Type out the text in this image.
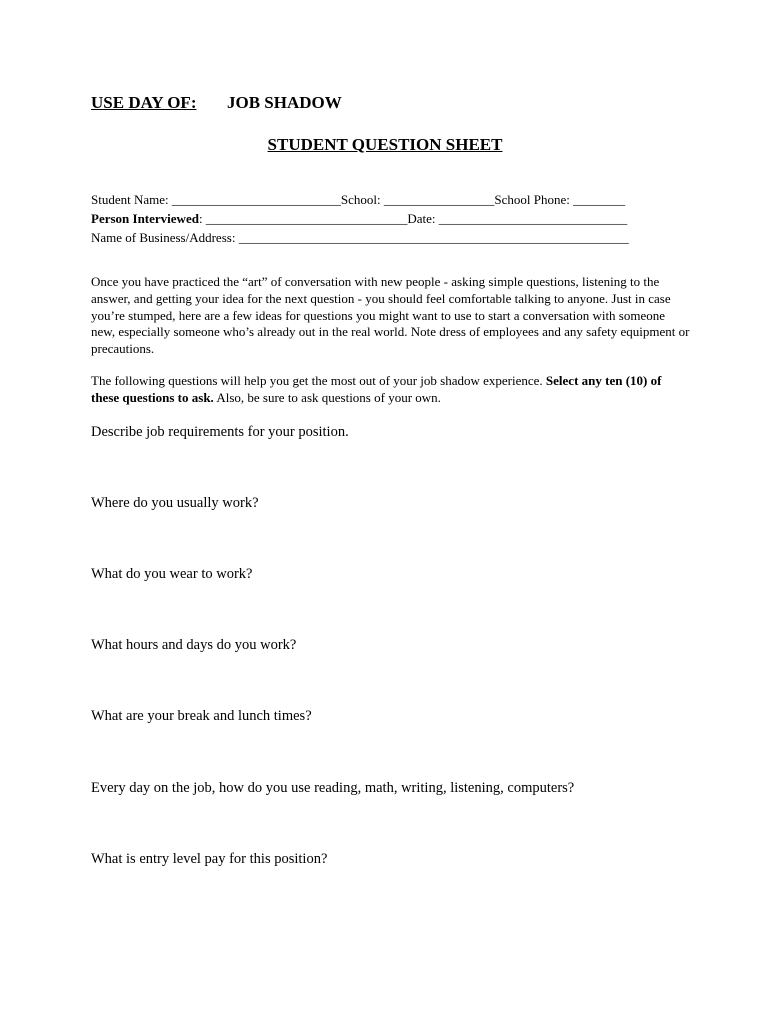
USE DAY OF: JOB SHADOW
STUDENT QUESTION SHEET
Student Name: __________________________School: _________________School Phone: ________
Person Interviewed: _______________________________Date: _____________________________
Name of Business/Address: ____________________________________________________________
Once you have practiced the “art” of conversation with new people - asking simple questions, listening to the answer, and getting your idea for the next question - you should feel comfortable talking to anyone. Just in case you’re stumped, here are a few ideas for questions you might want to use to start a conversation with someone new, especially someone who’s already out in the real world. Note dress of employees and any safety equipment or precautions.
The following questions will help you get the most out of your job shadow experience. Select any ten (10) of these questions to ask. Also, be sure to ask questions of your own.
Describe job requirements for your position.
Where do you usually work?
What do you wear to work?
What hours and days do you work?
What are your break and lunch times?
Every day on the job, how do you use reading, math, writing, listening, computers?
What is entry level pay for this position?
